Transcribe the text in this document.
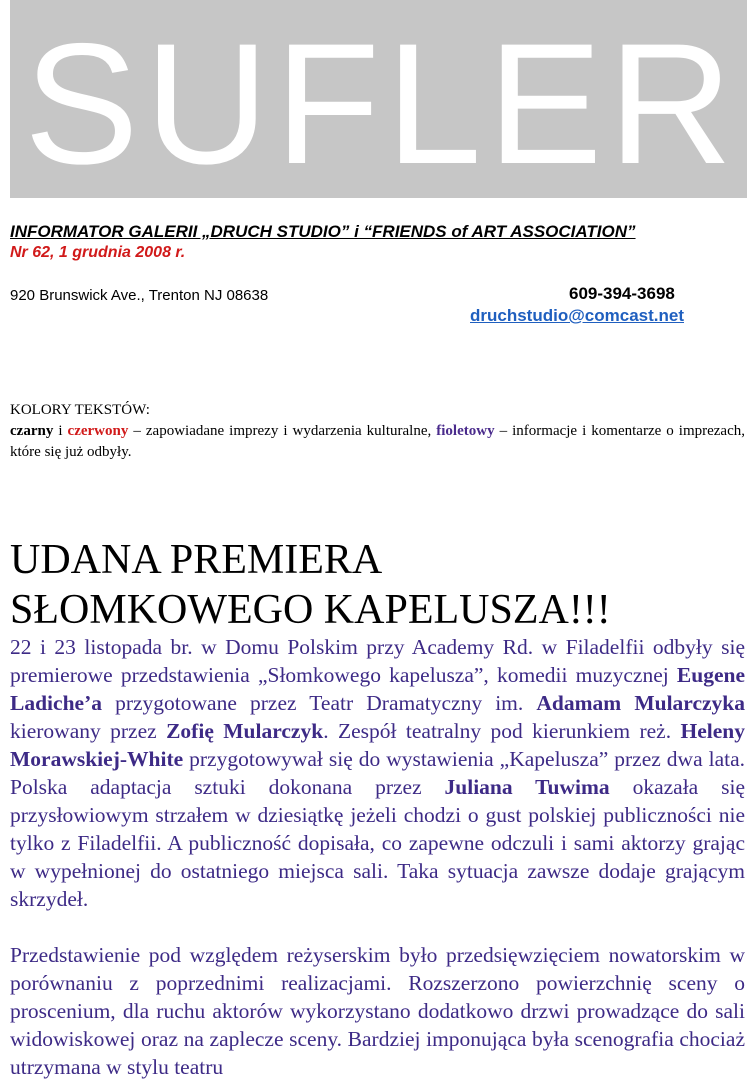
SUFLER
INFORMATOR GALERII „DRUCH STUDIO” i “FRIENDS of ART ASSOCIATION”
Nr 62, 1 grudnia 2008 r.
920 Brunswick Ave., Trenton NJ 08638	609-394-3698
druchstudio@comcast.net
KOLORY TEKSTÓW:
czarny i czerwony – zapowiadane imprezy i wydarzenia kulturalne, fioletowy – informacje i komentarze o imprezach, które się już odbyły.
UDANA PREMIERA
SŁOMKOWEGO KAPELUSZA!!!

22 i 23 listopada br. w Domu Polskim przy Academy Rd. w Filadelfii odbyły się premierowe przedstawienia „Słomkowego kapelusza”, komedii muzycznej Eugene Ladiche’a przygotowane przez Teatr Dramatyczny im. Adamam Mularczyka kierowany przez Zofię Mularczyk. Zespół teatralny pod kierunkiem reż. Heleny Morawskiej-White przygotowywał się do wystawienia „Kapelusza” przez dwa lata. Polska adaptacja sztuki dokonana przez Juliana Tuwima okazała się przysłowiowym strzałem w dziesiątkę jeżeli chodzi o gust polskiej publiczności nie tylko z Filadelfii. A publiczność dopisała, co zapewne odczuli i sami aktorzy grając w wypełnionej do ostatniego miejsca sali. Taka sytuacja zawsze dodaje grającym skrzydeł.

Przedstawienie pod względem reżyserskim było przedsięwzięciem nowatorskim w porównaniu z poprzednimi realizacjami. Rozszerzono powierzchnię sceny o proscenium, dla ruchu aktorów wykorzystano dodatkowo drzwi prowadzące do sali widowiskowej oraz na zaplecze sceny. Bardziej imponująca była scenografia chociaż utrzymana w stylu teatru
